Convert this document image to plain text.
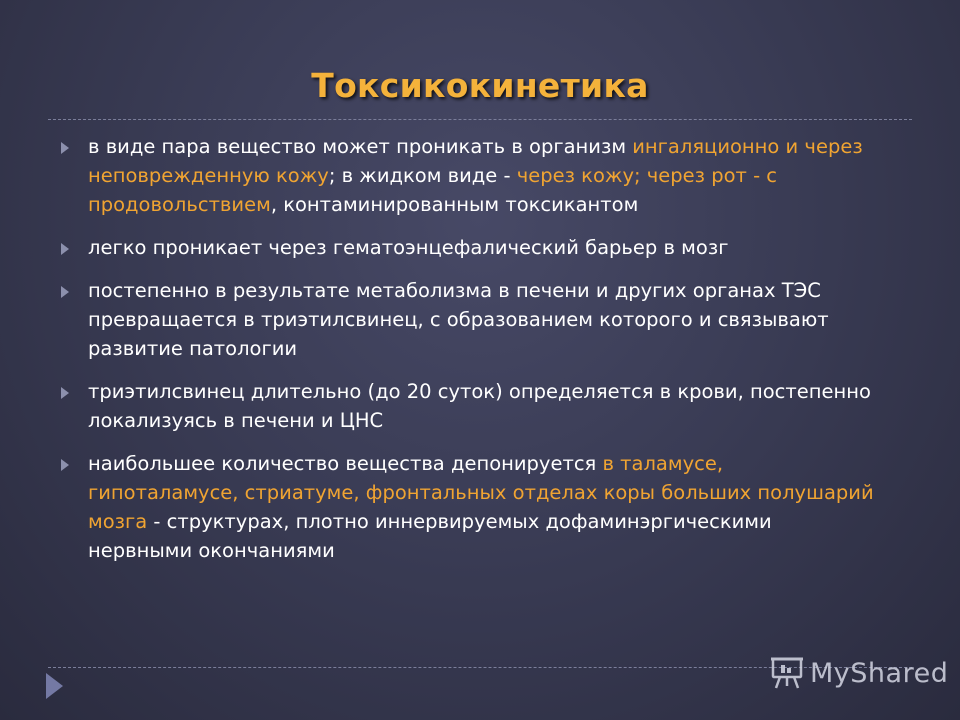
Токсикокинетика
в виде пара вещество может проникать в организм ингаляционно и через неповрежденную кожу; в жидком виде - через кожу; через рот - с продовольствием, контаминированным токсикантом
легко проникает через гематоэнцефалический барьер в мозг
постепенно в результате метаболизма в печени и других органах ТЭС превращается в триэтилсвинец, с образованием которого и связывают развитие патологии
триэтилсвинец длительно (до 20 суток) определяется в крови, постепенно локализуясь в печени и ЦНС
наибольшее количество вещества депонируется в таламусе, гипоталамусе, стриатуме, фронтальных отделах коры больших полушарий мозга - структурах, плотно иннервируемых дофаминэргическими нервными окончаниями
MyShared
